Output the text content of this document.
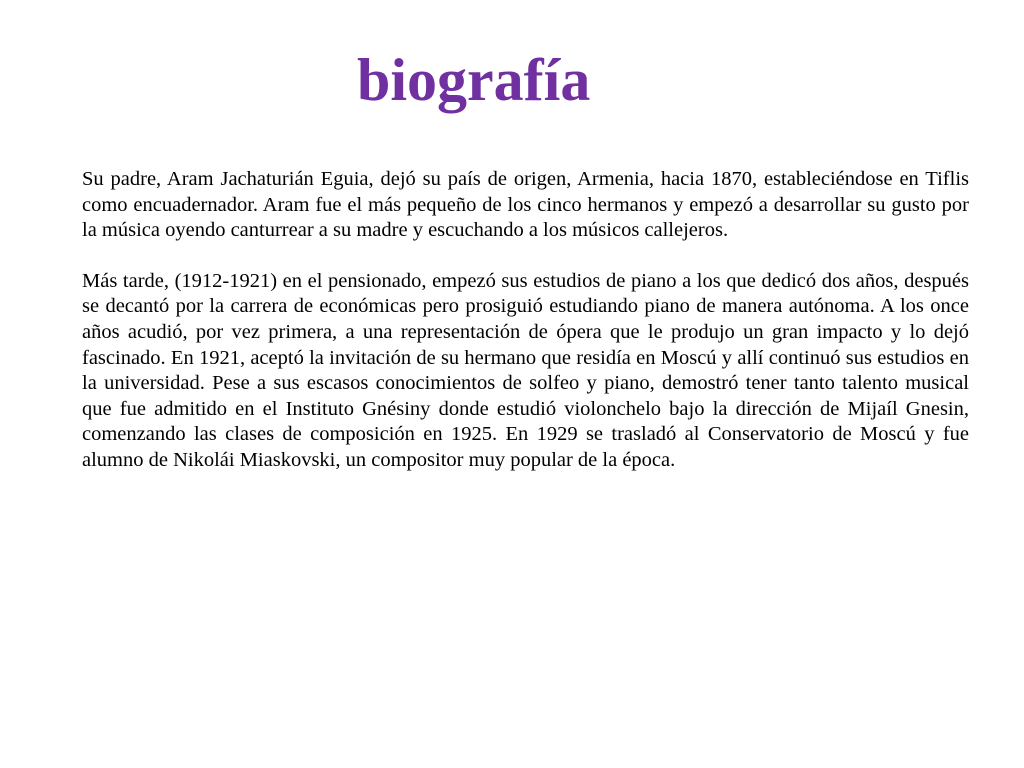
biografía

Su padre, Aram Jachaturián Eguia, dejó su país de origen, Armenia, hacia 1870, estableciéndose en Tiflis como encuadernador. Aram fue el más pequeño de los cinco hermanos y empezó a desarrollar su gusto por la música oyendo canturrear a su madre y escuchando a los músicos callejeros.

Más tarde, (1912-1921) en el pensionado, empezó sus estudios de piano a los que dedicó dos años, después se decantó por la carrera de económicas pero prosiguió estudiando piano de manera autónoma. A los once años acudió, por vez primera, a una representación de ópera que le produjo un gran impacto y lo dejó fascinado. En 1921, aceptó la invitación de su hermano que residía en Moscú y allí continuó sus estudios en la universidad. Pese a sus escasos conocimientos de solfeo y piano, demostró tener tanto talento musical que fue admitido en el Instituto Gnésiny donde estudió violonchelo bajo la dirección de Mijaíl Gnesin, comenzando las clases de composición en 1925. En 1929 se trasladó al Conservatorio de Moscú y fue alumno de Nikolái Miaskovski, un compositor muy popular de la época.
